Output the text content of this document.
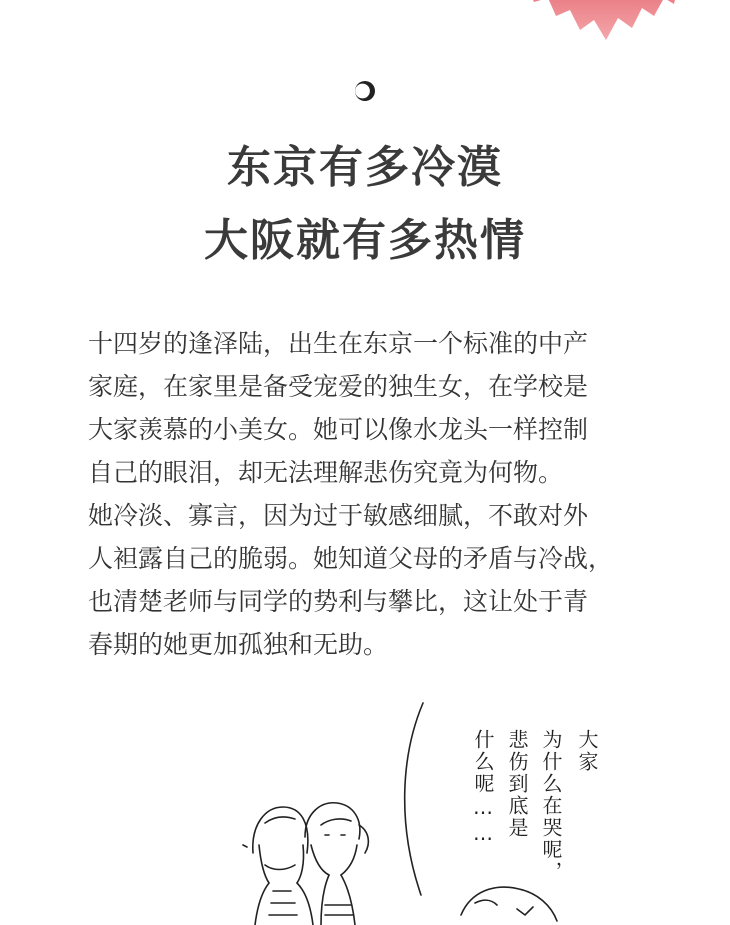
东京有多冷漠
大阪就有多热情

十四岁的逢泽陆，出生在东京一个标准的中产
家庭，在家里是备受宠爱的独生女，在学校是
大家羡慕的小美女。她可以像水龙头一样控制
自己的眼泪，却无法理解悲伤究竟为何物。
她冷淡、寡言，因为过于敏感细腻，不敢对外
人袒露自己的脆弱。她知道父母的矛盾与冷战，
也清楚老师与同学的势利与攀比，这让处于青
春期的她更加孤独和无助。

大家
为什么在哭呢，
悲伤到底是
什么呢……
